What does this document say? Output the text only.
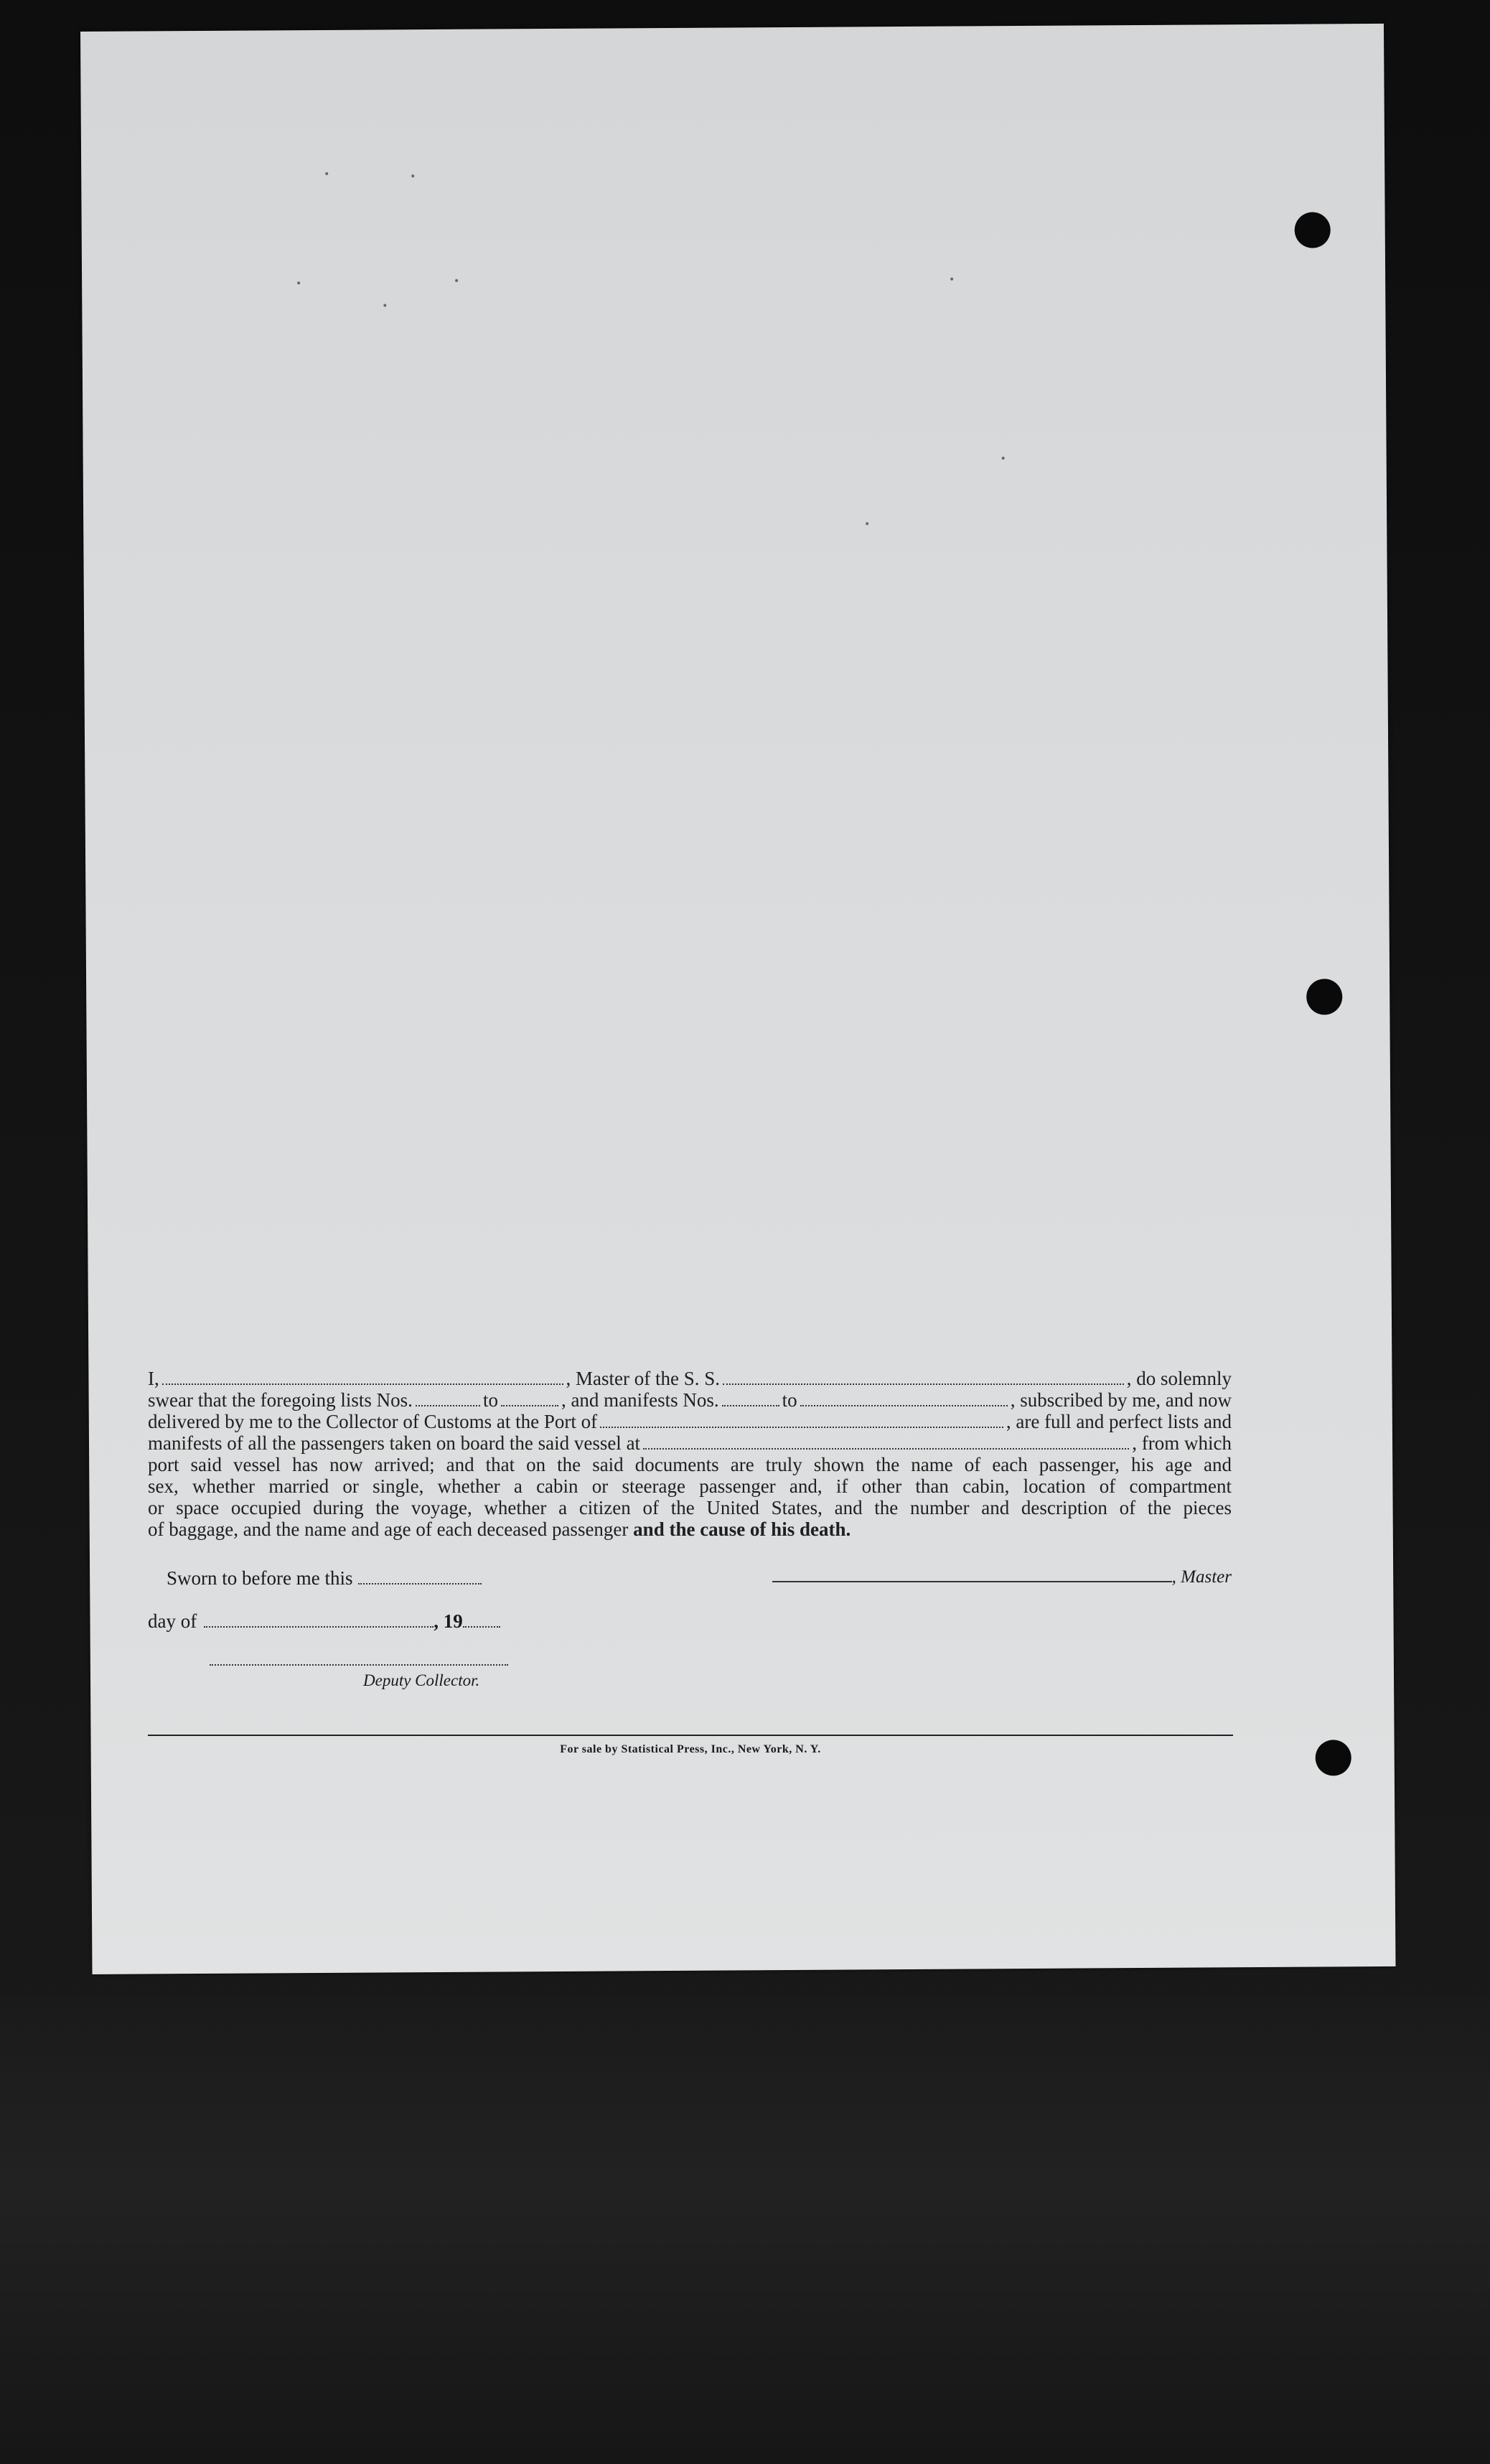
I,	, Master of the S. S.	, do solemnly
swear that the foregoing lists Nos.	to	, and manifests Nos.	to	, subscribed by me, and now
delivered by me to the Collector of Customs at the Port of	, are full and perfect lists and
manifests of all the passengers taken on board the said vessel at	, from which
port said vessel has now arrived; and that on the said documents are truly shown the name of each passenger, his age and
sex, whether married or single, whether a cabin or steerage passenger and, if other than cabin, location of compartment
or space occupied during the voyage, whether a citizen of the United States, and the number and description of the pieces
of baggage, and the name and age of each deceased passenger and the cause of his death.
Sworn to before me this	, Master
day of	, 19
Deputy Collector.
For sale by Statistical Press, Inc., New York, N. Y.
